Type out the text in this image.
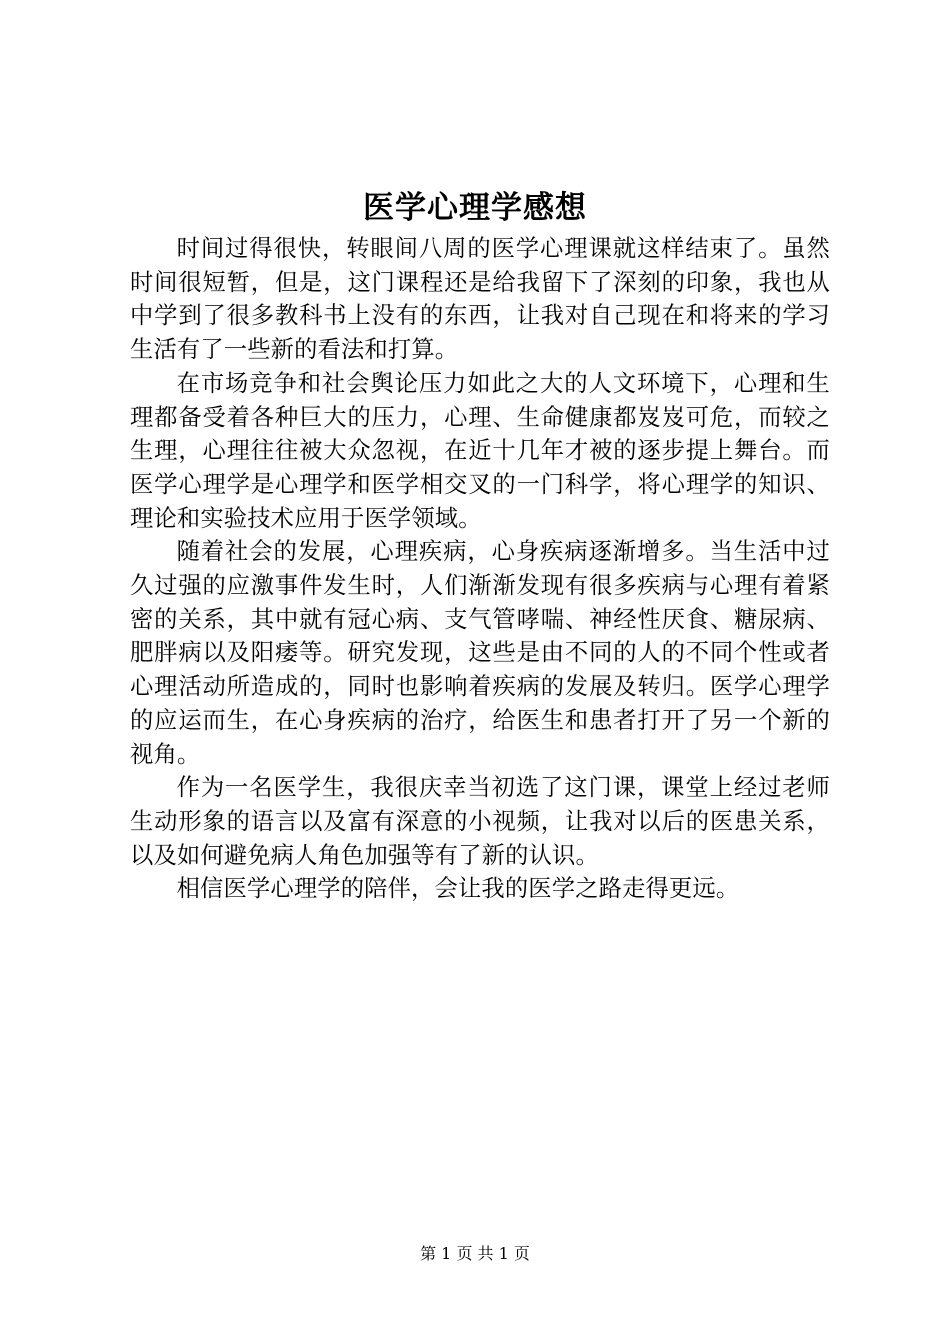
医学心理学感想

时间过得很快，转眼间八周的医学心理课就这样结束了。虽然时间很短暂，但是，这门课程还是给我留下了深刻的印象，我也从中学到了很多教科书上没有的东西，让我对自己现在和将来的学习生活有了一些新的看法和打算。

在市场竞争和社会舆论压力如此之大的人文环境下，心理和生理都备受着各种巨大的压力，心理、生命健康都岌岌可危，而较之生理，心理往往被大众忽视，在近十几年才被的逐步提上舞台。而医学心理学是心理学和医学相交叉的一门科学，将心理学的知识、理论和实验技术应用于医学领域。

随着社会的发展，心理疾病，心身疾病逐渐增多。当生活中过久过强的应激事件发生时，人们渐渐发现有很多疾病与心理有着紧密的关系，其中就有冠心病、支气管哮喘、神经性厌食、糖尿病、肥胖病以及阳痿等。研究发现，这些是由不同的人的不同个性或者心理活动所造成的，同时也影响着疾病的发展及转归。医学心理学的应运而生，在心身疾病的治疗，给医生和患者打开了另一个新的视角。

作为一名医学生，我很庆幸当初选了这门课，课堂上经过老师生动形象的语言以及富有深意的小视频，让我对以后的医患关系，以及如何避免病人角色加强等有了新的认识。

相信医学心理学的陪伴，会让我的医学之路走得更远。

第 1 页 共 1 页
